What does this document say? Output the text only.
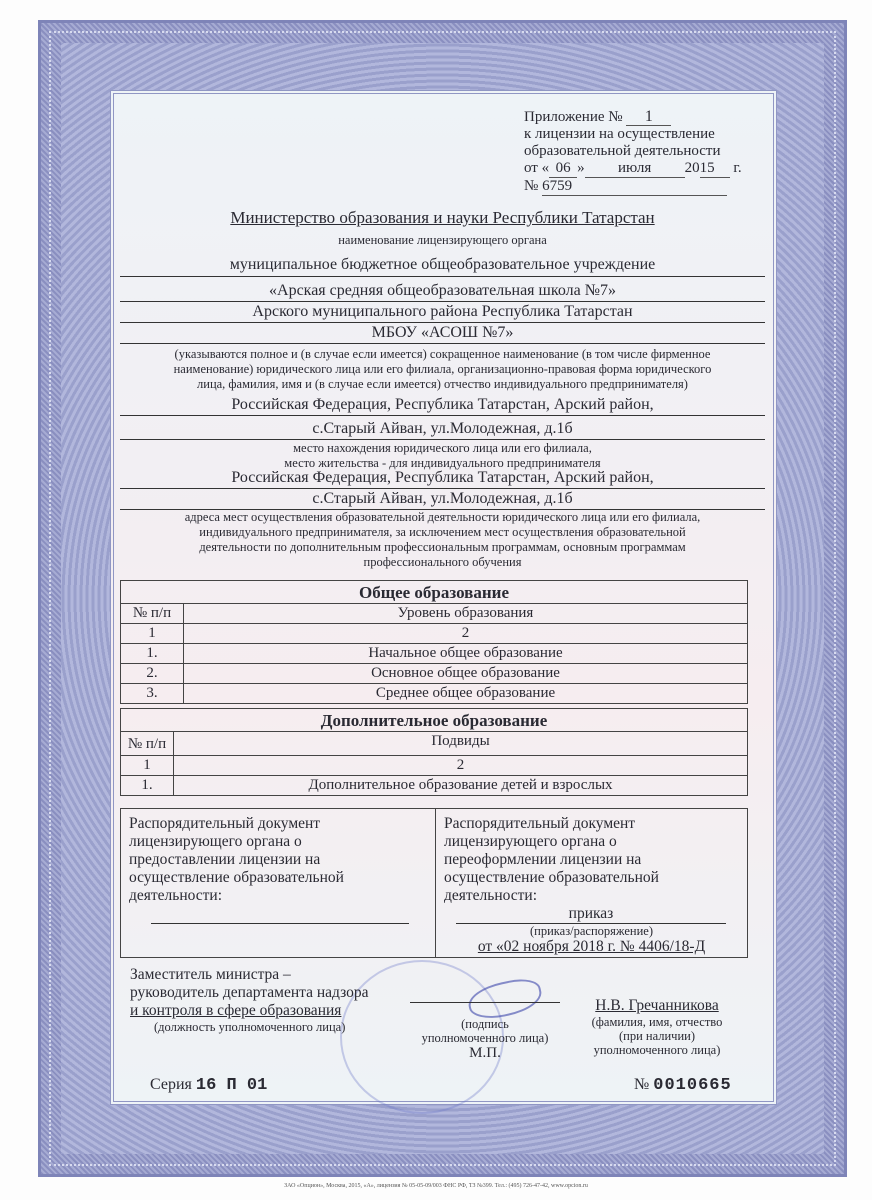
Приложение № 1
к лицензии на осуществление
образовательной деятельности
от « 06 » июля 2015 г.
№ 6759
Министерство образования и науки Республики Татарстан
наименование лицензирующего органа
муниципальное бюджетное общеобразовательное учреждение
«Арская средняя общеобразовательная школа №7»
Арского муниципального района Республика Татарстан
МБОУ «АСОШ №7»
(указываются полное и (в случае если имеется) сокращенное наименование (в том числе фирменное
наименование) юридического лица или его филиала, организационно-правовая форма юридического
лица, фамилия, имя и (в случае если имеется) отчество индивидуального предпринимателя)
Российская Федерация, Республика Татарстан, Арский район,
с.Старый Айван, ул.Молодежная, д.1б
место нахождения юридического лица или его филиала,
место жительства - для индивидуального предпринимателя
Российская Федерация, Республика Татарстан, Арский район,
с.Старый Айван, ул.Молодежная, д.1б
адреса мест осуществления образовательной деятельности юридического лица или его филиала,
индивидуального предпринимателя, за исключением мест осуществления образовательной
деятельности по дополнительным профессиональным программам, основным программам
профессионального обучения
Общее образование	
№ п/п	Уровень образования
1	2
1.	Начальное общее образование
2.	Основное общее образование
3.	Среднее общее образование
Дополнительное образование	
№ п/п	Подвиды
1	2
1.	Дополнительное образование детей и взрослых
Распорядительный документ
лицензирующего органа о
предоставлении лицензии на
осуществление образовательной
деятельности:
Распорядительный документ
лицензирующего органа о
переоформлении лицензии на
осуществление образовательной
деятельности:
приказ
(приказ/распоряжение)
от «02 ноября 2018 г. № 4406/18-Д
Заместитель министра –
руководитель департамента надзора
и контроля в сфере образования
(должность уполномоченного лица)	(подпись
уполномоченного лица)
М.П.
Н.В. Гречанникова
(фамилия, имя, отчество
(при наличии)
уполномоченного лица)
Серия 16 П 01	№ 0010665
ЗАО «Опцион», Москва, 2015, «А», лицензия № 05-05-09/003 ФНС РФ, ТЗ №399. Тел.: (495) 726-47-42, www.opcion.ru
